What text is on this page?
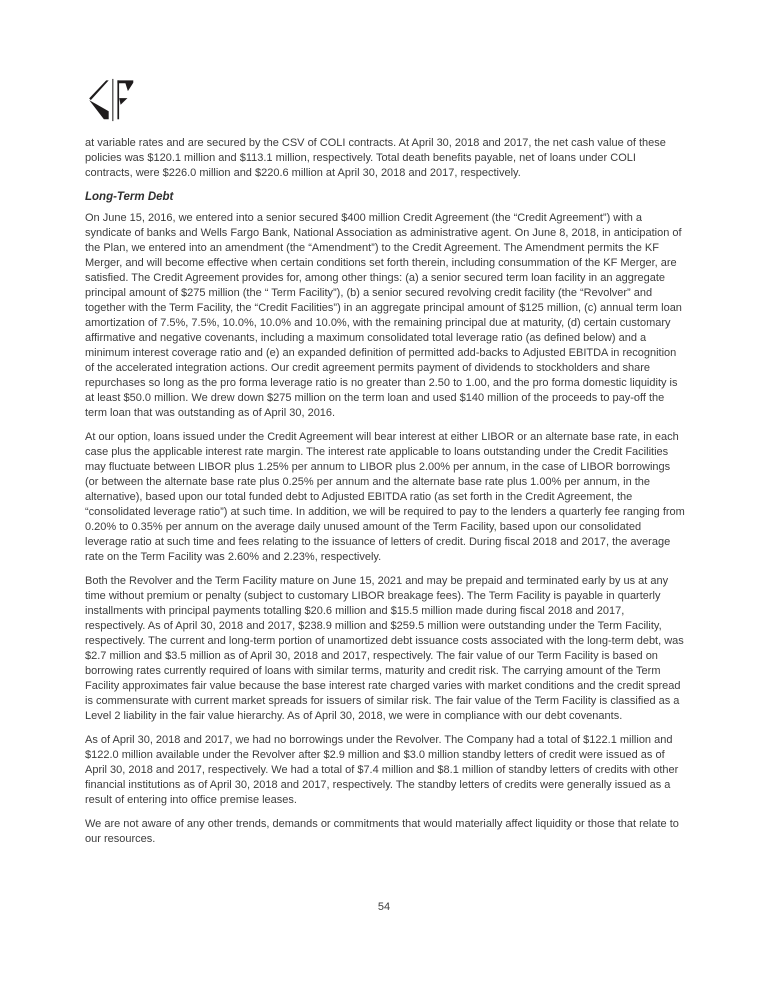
at variable rates and are secured by the CSV of COLI contracts. At April 30, 2018 and 2017, the net cash value of these policies was $120.1 million and $113.1 million, respectively. Total death benefits payable, net of loans under COLI contracts, were $226.0 million and $220.6 million at April 30, 2018 and 2017, respectively.

Long-Term Debt

On June 15, 2016, we entered into a senior secured $400 million Credit Agreement (the “Credit Agreement”) with a syndicate of banks and Wells Fargo Bank, National Association as administrative agent. On June 8, 2018, in anticipation of the Plan, we entered into an amendment (the “Amendment”) to the Credit Agreement. The Amendment permits the KF Merger, and will become effective when certain conditions set forth therein, including consummation of the KF Merger, are satisfied. The Credit Agreement provides for, among other things: (a) a senior secured term loan facility in an aggregate principal amount of $275 million (the “ Term Facility”), (b) a senior secured revolving credit facility (the “Revolver” and together with the Term Facility, the “Credit Facilities”) in an aggregate principal amount of $125 million, (c) annual term loan amortization of 7.5%, 7.5%, 10.0%, 10.0% and 10.0%, with the remaining principal due at maturity, (d) certain customary affirmative and negative covenants, including a maximum consolidated total leverage ratio (as defined below) and a minimum interest coverage ratio and (e) an expanded definition of permitted add-backs to Adjusted EBITDA in recognition of the accelerated integration actions. Our credit agreement permits payment of dividends to stockholders and share repurchases so long as the pro forma leverage ratio is no greater than 2.50 to 1.00, and the pro forma domestic liquidity is at least $50.0 million. We drew down $275 million on the term loan and used $140 million of the proceeds to pay-off the term loan that was outstanding as of April 30, 2016.

At our option, loans issued under the Credit Agreement will bear interest at either LIBOR or an alternate base rate, in each case plus the applicable interest rate margin. The interest rate applicable to loans outstanding under the Credit Facilities may fluctuate between LIBOR plus 1.25% per annum to LIBOR plus 2.00% per annum, in the case of LIBOR borrowings (or between the alternate base rate plus 0.25% per annum and the alternate base rate plus 1.00% per annum, in the alternative), based upon our total funded debt to Adjusted EBITDA ratio (as set forth in the Credit Agreement, the “consolidated leverage ratio”) at such time. In addition, we will be required to pay to the lenders a quarterly fee ranging from 0.20% to 0.35% per annum on the average daily unused amount of the Term Facility, based upon our consolidated leverage ratio at such time and fees relating to the issuance of letters of credit. During fiscal 2018 and 2017, the average rate on the Term Facility was 2.60% and 2.23%, respectively.

Both the Revolver and the Term Facility mature on June 15, 2021 and may be prepaid and terminated early by us at any time without premium or penalty (subject to customary LIBOR breakage fees). The Term Facility is payable in quarterly installments with principal payments totalling $20.6 million and $15.5 million made during fiscal 2018 and 2017, respectively. As of April 30, 2018 and 2017, $238.9 million and $259.5 million were outstanding under the Term Facility, respectively. The current and long-term portion of unamortized debt issuance costs associated with the long-term debt, was $2.7 million and $3.5 million as of April 30, 2018 and 2017, respectively. The fair value of our Term Facility is based on borrowing rates currently required of loans with similar terms, maturity and credit risk. The carrying amount of the Term Facility approximates fair value because the base interest rate charged varies with market conditions and the credit spread is commensurate with current market spreads for issuers of similar risk. The fair value of the Term Facility is classified as a Level 2 liability in the fair value hierarchy. As of April 30, 2018, we were in compliance with our debt covenants.

As of April 30, 2018 and 2017, we had no borrowings under the Revolver. The Company had a total of $122.1 million and $122.0 million available under the Revolver after $2.9 million and $3.0 million standby letters of credit were issued as of April 30, 2018 and 2017, respectively. We had a total of $7.4 million and $8.1 million of standby letters of credits with other financial institutions as of April 30, 2018 and 2017, respectively. The standby letters of credits were generally issued as a result of entering into office premise leases.

We are not aware of any other trends, demands or commitments that would materially affect liquidity or those that relate to our resources.

54
